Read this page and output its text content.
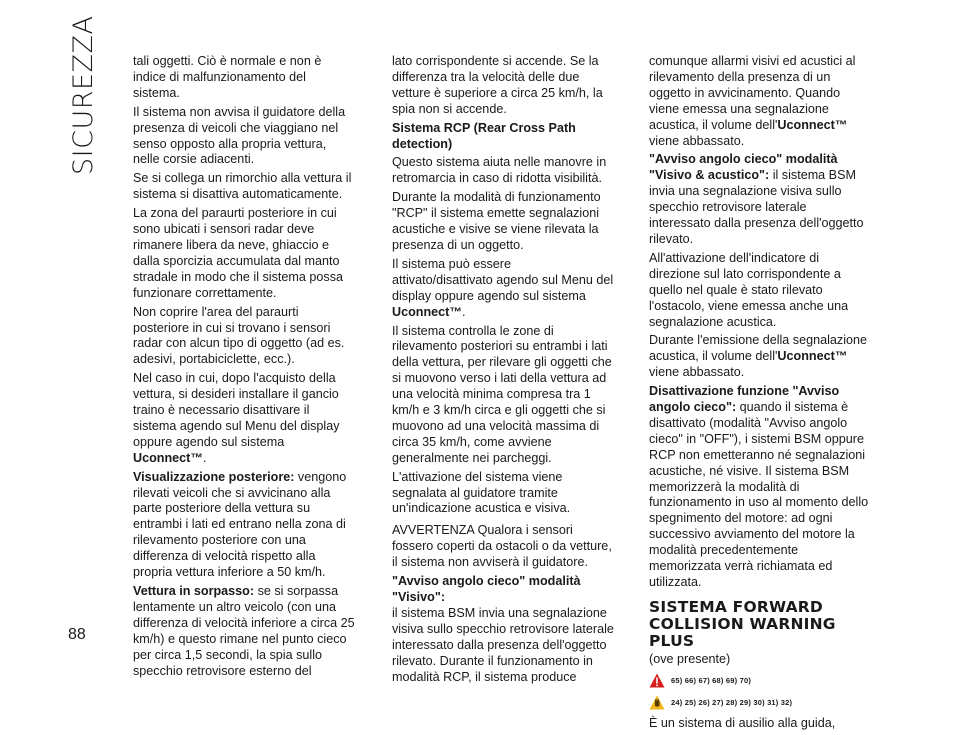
SICUREZZA
88

tali oggetti. Ciò è normale e non è indice di malfunzionamento del sistema.

Il sistema non avvisa il guidatore della presenza di veicoli che viaggiano nel senso opposto alla propria vettura, nelle corsie adiacenti.

Se si collega un rimorchio alla vettura il sistema si disattiva automaticamente.

La zona del paraurti posteriore in cui sono ubicati i sensori radar deve rimanere libera da neve, ghiaccio e dalla sporcizia accumulata dal manto stradale in modo che il sistema possa funzionare correttamente.

Non coprire l'area del paraurti posteriore in cui si trovano i sensori radar con alcun tipo di oggetto (ad es. adesivi, portabiciclette, ecc.).

Nel caso in cui, dopo l'acquisto della vettura, si desideri installare il gancio traino è necessario disattivare il sistema agendo sul Menu del display oppure agendo sul sistema Uconnect™.

Visualizzazione posteriore: vengono rilevati veicoli che si avvicinano alla parte posteriore della vettura su entrambi i lati ed entrano nella zona di rilevamento posteriore con una differenza di velocità rispetto alla propria vettura inferiore a 50 km/h.

Vettura in sorpasso: se si sorpassa lentamente un altro veicolo (con una differenza di velocità inferiore a circa 25 km/h) e questo rimane nel punto cieco per circa 1,5 secondi, la spia sullo specchio retrovisore esterno del

lato corrispondente si accende. Se la differenza tra la velocità delle due vetture è superiore a circa 25 km/h, la spia non si accende.

Sistema RCP (Rear Cross Path detection)

Questo sistema aiuta nelle manovre in retromarcia in caso di ridotta visibilità.

Durante la modalità di funzionamento "RCP" il sistema emette segnalazioni acustiche e visive se viene rilevata la presenza di un oggetto.

Il sistema può essere attivato/disattivato agendo sul Menu del display oppure agendo sul sistema Uconnect™.

Il sistema controlla le zone di rilevamento posteriori su entrambi i lati della vettura, per rilevare gli oggetti che si muovono verso i lati della vettura ad una velocità minima compresa tra 1 km/h e 3 km/h circa e gli oggetti che si muovono ad una velocità massima di circa 35 km/h, come avviene generalmente nei parcheggi.

L'attivazione del sistema viene segnalata al guidatore tramite un'indicazione acustica e visiva.

AVVERTENZA Qualora i sensori fossero coperti da ostacoli o da vetture, il sistema non avviserà il guidatore.

"Avviso angolo cieco" modalità "Visivo":

il sistema BSM invia una segnalazione visiva sullo specchio retrovisore laterale interessato dalla presenza dell'oggetto rilevato. Durante il funzionamento in modalità RCP, il sistema produce

comunque allarmi visivi ed acustici al rilevamento della presenza di un oggetto in avvicinamento. Quando viene emessa una segnalazione acustica, il volume dell'Uconnect™ viene abbassato.

"Avviso angolo cieco" modalità "Visivo & acustico": il sistema BSM invia una segnalazione visiva sullo specchio retrovisore laterale interessato dalla presenza dell'oggetto rilevato.

All'attivazione dell'indicatore di direzione sul lato corrispondente a quello nel quale è stato rilevato l'ostacolo, viene emessa anche una segnalazione acustica.

Durante l'emissione della segnalazione acustica, il volume dell'Uconnect™ viene abbassato.

Disattivazione funzione "Avviso angolo cieco": quando il sistema è disattivato (modalità "Avviso angolo cieco" in "OFF"), i sistemi BSM oppure RCP non emetteranno né segnalazioni acustiche, né visive. Il sistema BSM memorizzerà la modalità di funzionamento in uso al momento dello spegnimento del motore: ad ogni successivo avviamento del motore la modalità precedentemente memorizzata verrà richiamata ed utilizzata.

SISTEMA FORWARD COLLISION WARNING PLUS

(ove presente)

65) 66) 67) 68) 69) 70)
24) 25) 26) 27) 28) 29) 30) 31) 32)

È un sistema di ausilio alla guida,
